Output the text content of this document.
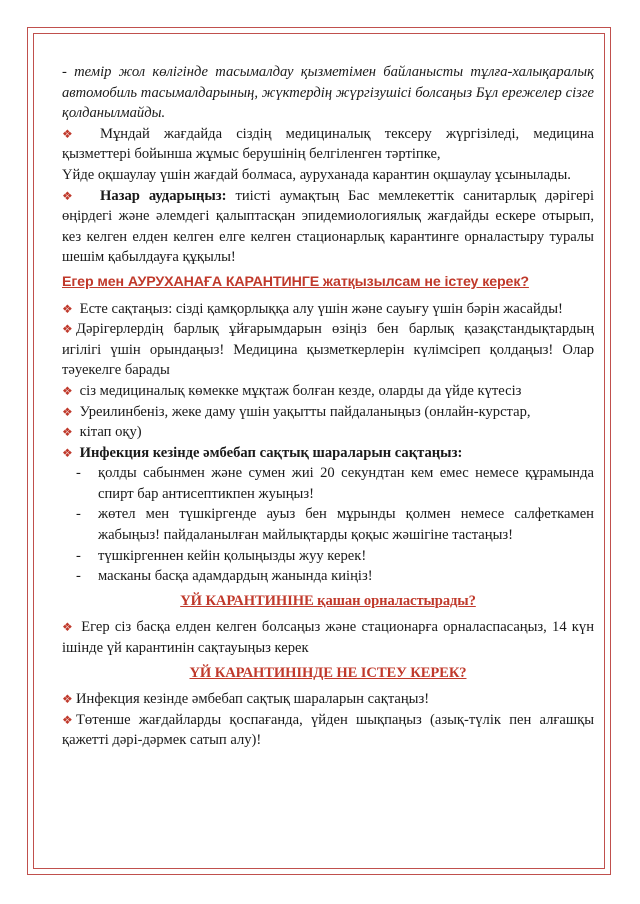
- темір жол көлігінде тасымалдау қызметімен байланысты тұлға-халықаралық автомобиль тасымалдарының, жүктердің жүргізушісі болсаңыз Бұл ережелер сізге қолданылмайды.

❖ Мұндай жағдайда сіздің медициналық тексеру жүргізіледі, медицина қызметтері бойынша жұмыс берушінің белгіленген тәртіпке,

Үйде оқшаулау үшін жағдай болмаса, ауруханада карантин оқшаулау ұсынылады.

❖ Назар аударыңыз: тиісті аумақтың Бас мемлекеттік санитарлық дәрігері өңірдегі және әлемдегі қалыптасқан эпидемиологиялық жағдайды ескере отырып, кез келген елден келген елге келген стационарлық карантинге орналастыру туралы шешім қабылдауға құқылы!

Егер мен АУРУХАНАҒА КАРАНТИНГЕ жатқызылсам не істеу керек?

❖ Есте сақтаңыз: сізді қамқорлыққа алу үшін және сауығу үшін бәрін жасайды!

❖ Дәрігерлердің барлық ұйғарымдарын өзіңіз бен барлық қазақстандықтардың игілігі үшін орындаңыз! Медицина қызметкерлерін күлімсіреп қолдаңыз! Олар тәуекелге барады

❖ сіз медициналық көмекке мұқтаж болған кезде, оларды да үйде күтесіз

❖ Уреилинбеніз, жеке даму үшін уақытты пайдаланыңыз (онлайн-курстар,

❖ кітап оқу)

❖ Инфекция кезінде әмбебап сақтық шараларын сақтаңыз:

- қолды сабынмен және сумен жиі 20 секундтан кем емес немесе құрамында спирт бар антисептикпен жуыңыз!
- жөтел мен түшкіргенде ауыз бен мұрынды қолмен немесе салфеткамен жабыңыз! пайдаланылған майлықтарды қоқыс жәшігіне тастаңыз!
- түшкіргеннен кейін қолыңызды жуу керек!
- масканы басқа адамдардың жанында киіңіз!
ҮЙ КАРАНТИНІНЕ қашан орналастырады?

❖ Егер сіз басқа елден келген болсаңыз және стационарға орналаспасаңыз, 14 күн ішінде үй карантинін сақтауыңыз керек

ҮЙ КАРАНТИНІНДЕ НЕ ІСТЕУ КЕРЕК?

❖ Инфекция кезінде әмбебап сақтық шараларын сақтаңыз!

❖ Төтенше жағдайларды қоспағанда, үйден шықпаңыз (азық-түлік пен алғашқы қажетті дәрі-дәрмек сатып алу)!
